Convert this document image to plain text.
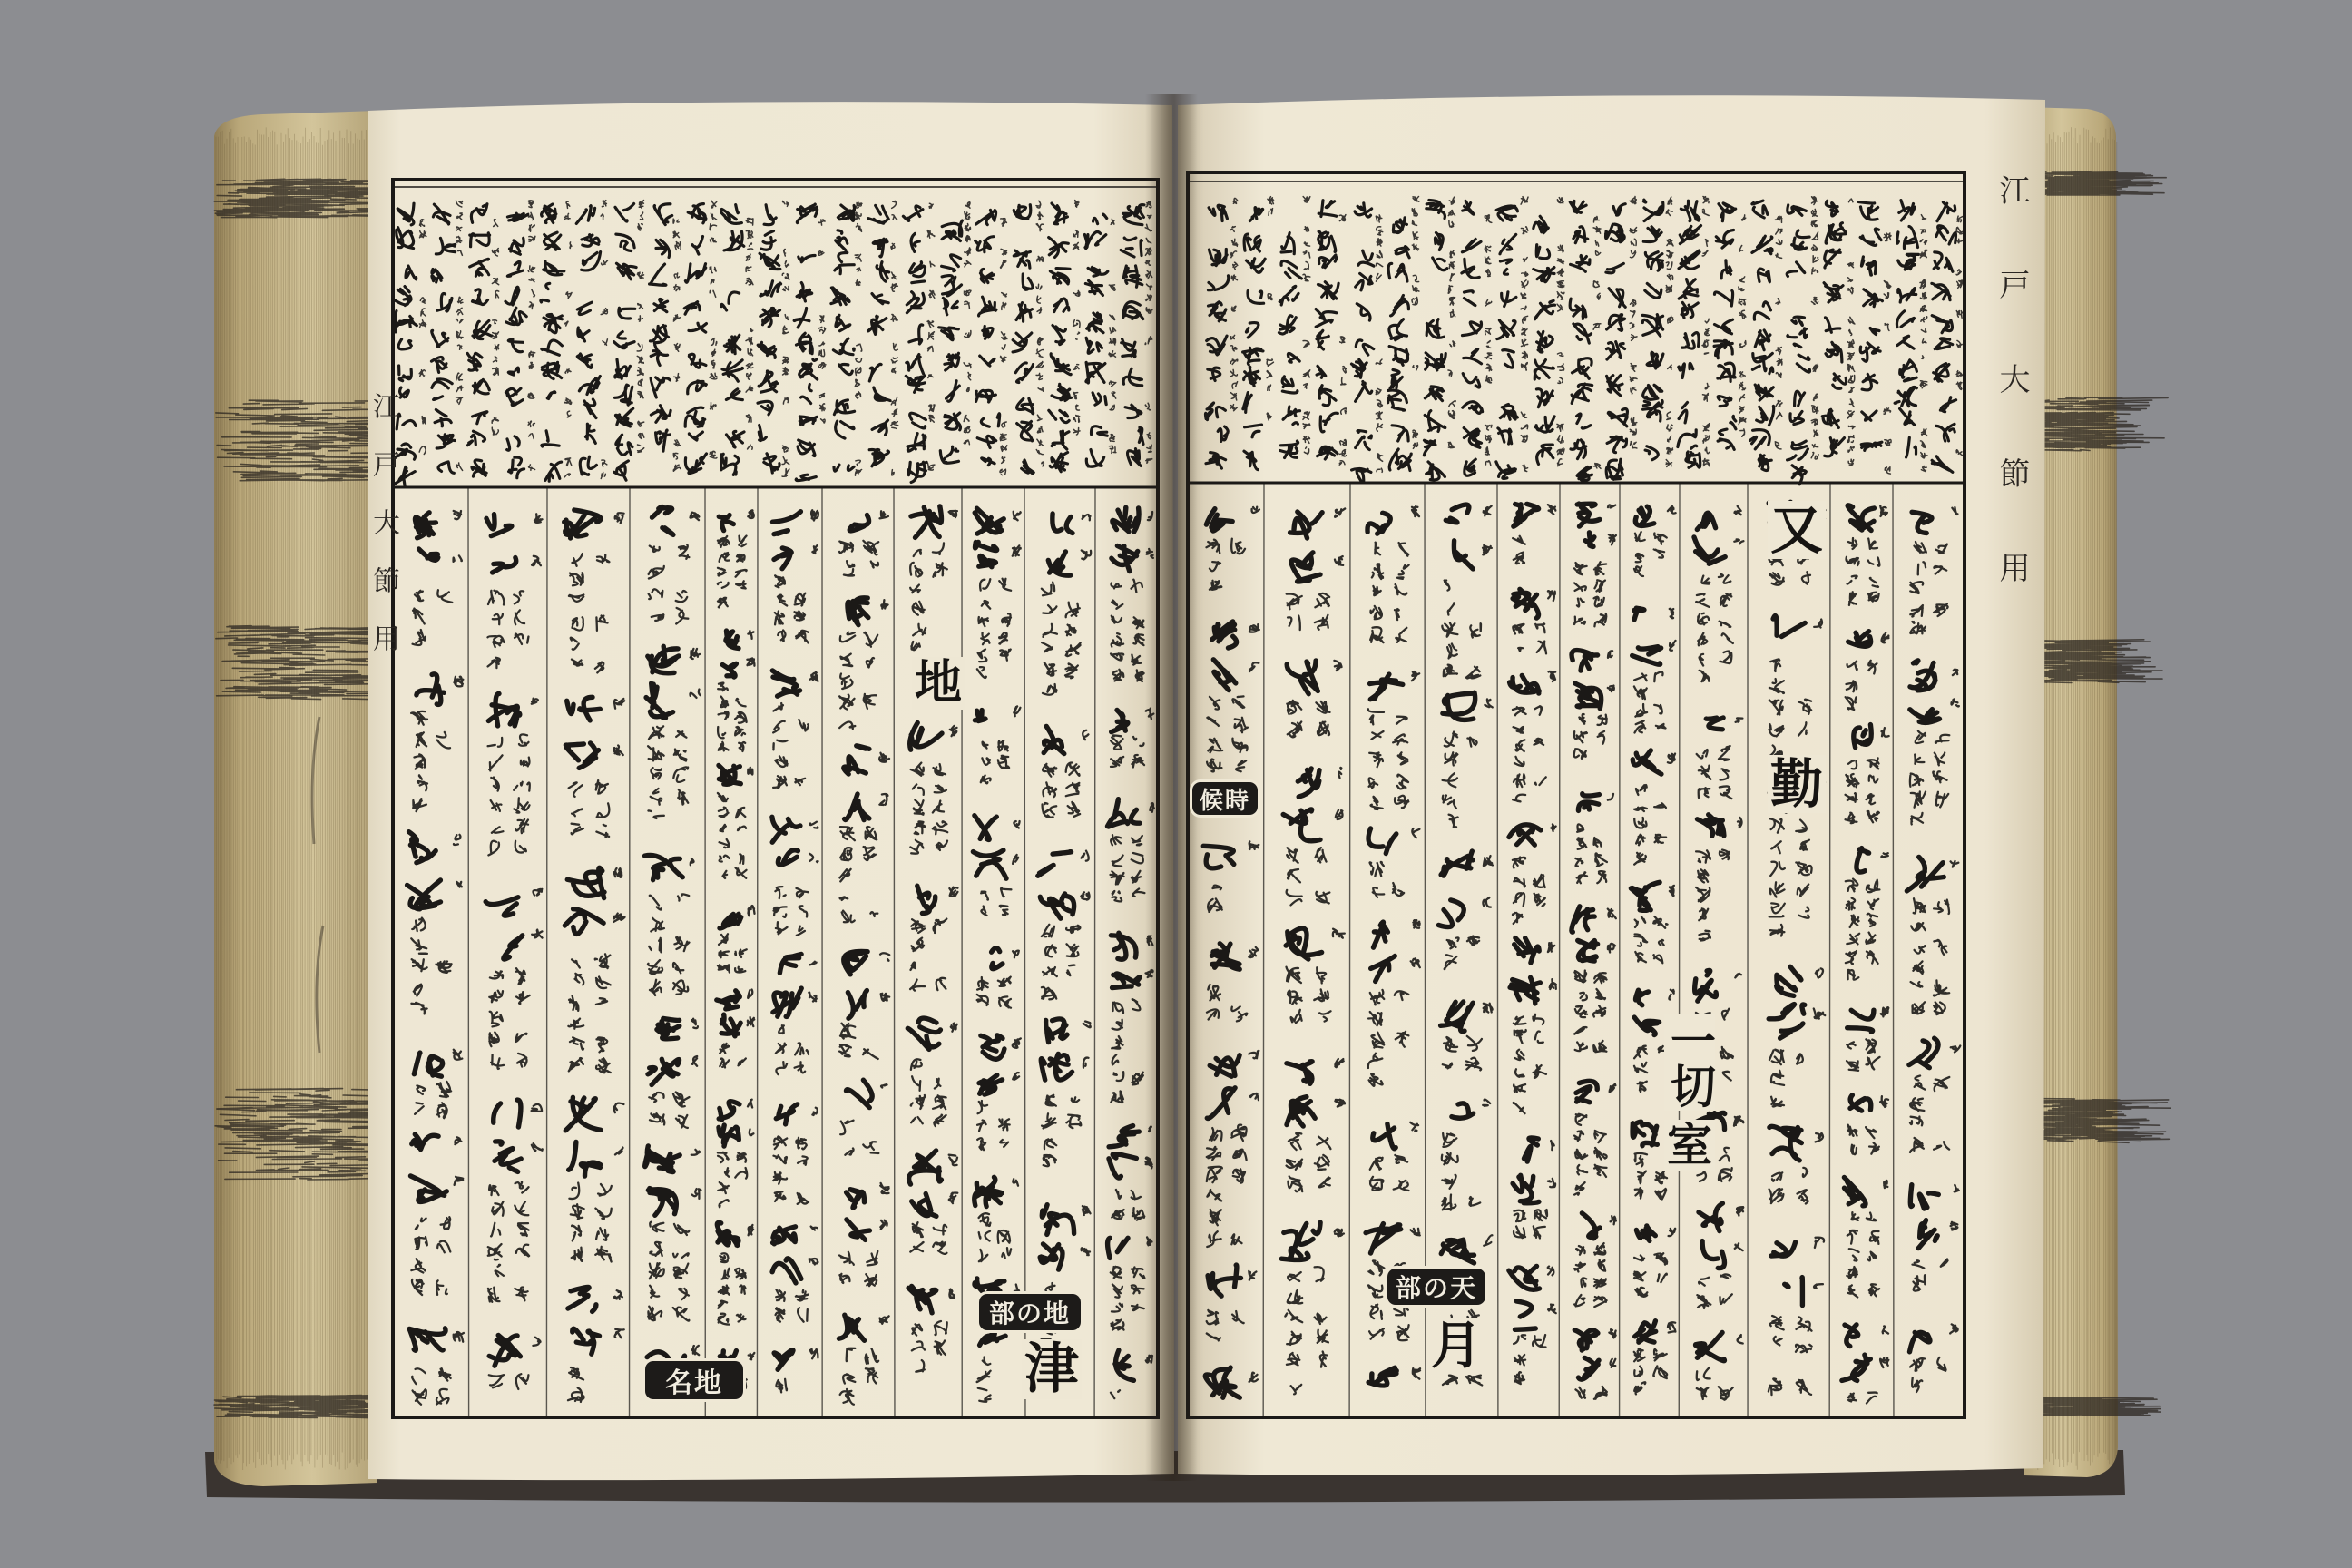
江戸大節用
地
部の地
津
名地
江戸大節用
又
勤
候時
一切
室
部の天
月
